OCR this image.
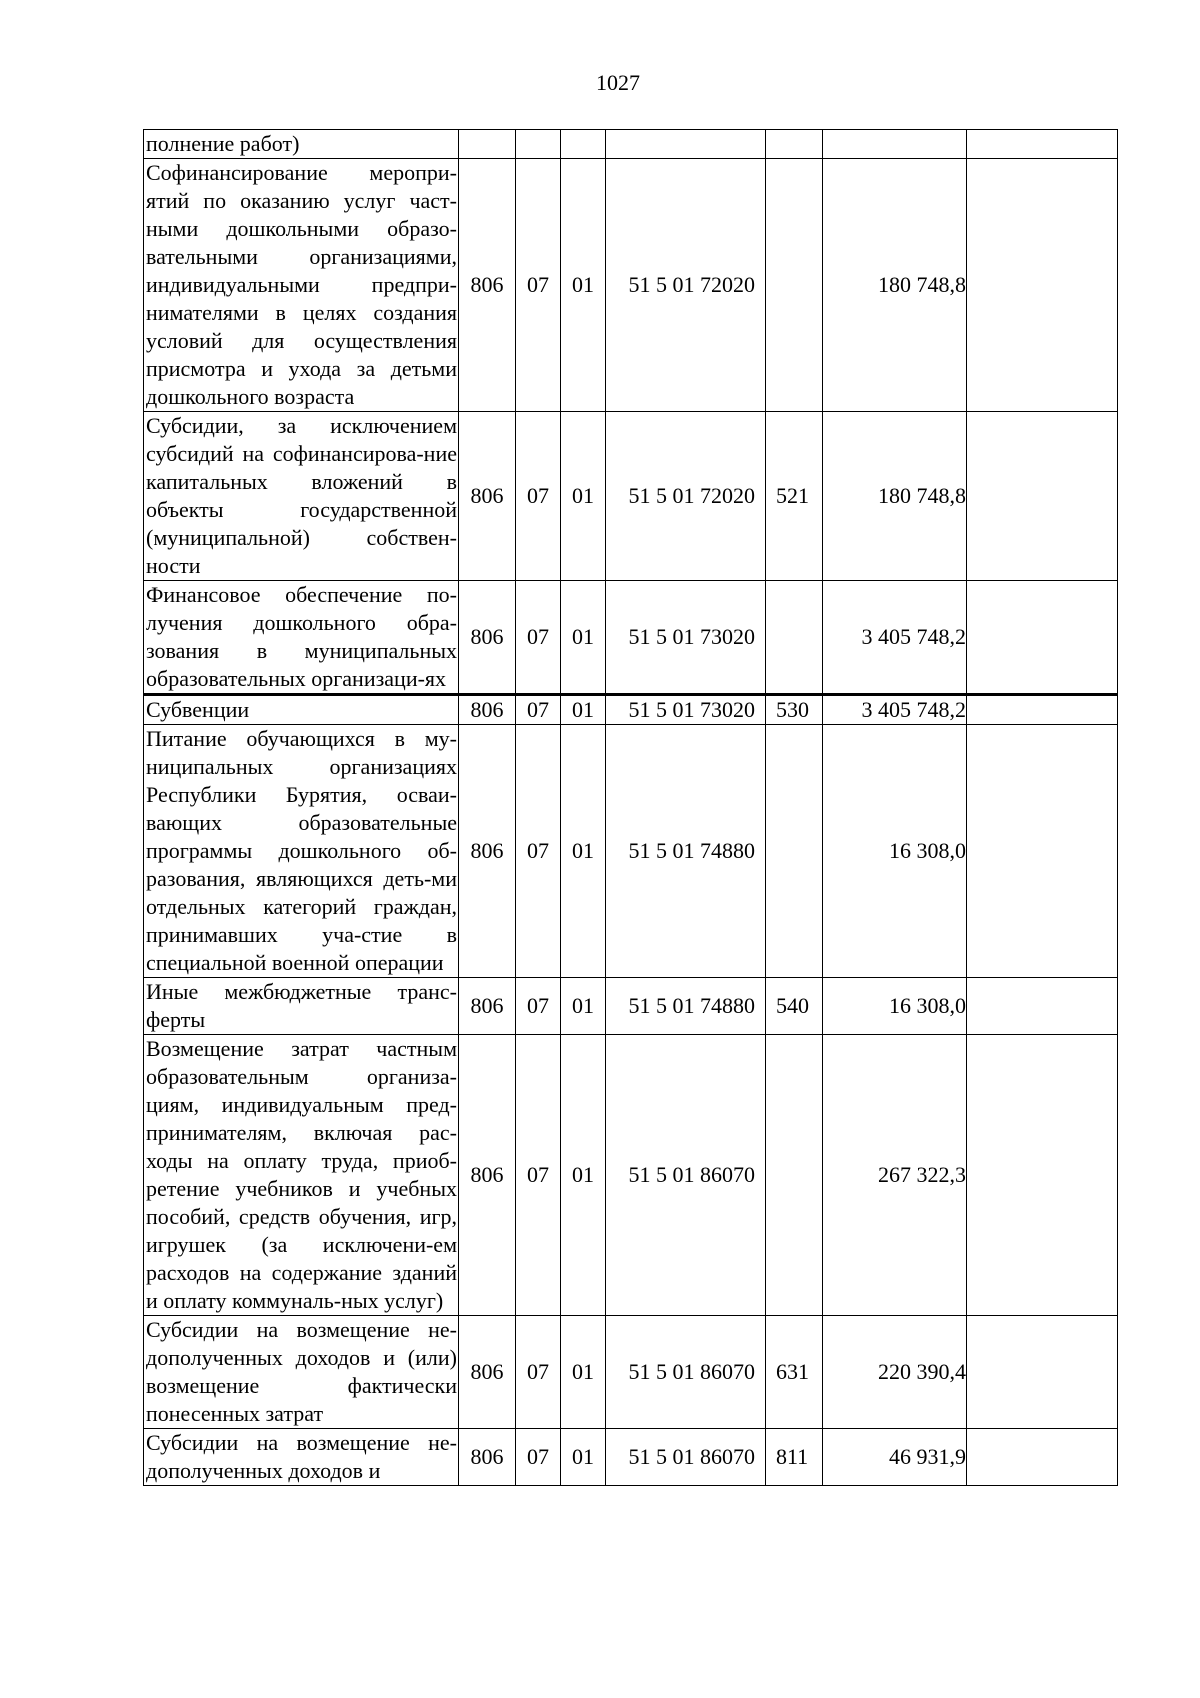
1027
полнение работ)							
Софинансирование меропри-ятий по оказанию услуг част-ными дошкольными образо-вательными организациями, индивидуальными предпри-нимателями в целях создания условий для осуществления присмотра и ухода за детьми дошкольного возраста	806	07	01	51 5 01 72020		180 748,8	
Субсидии, за исключением субсидий на софинансирова-ние капитальных вложений в объекты государственной (муниципальной) собствен-ности	806	07	01	51 5 01 72020	521	180 748,8	
Финансовое обеспечение по-лучения дошкольного обра-зования в муниципальных образовательных организаци-ях	806	07	01	51 5 01 73020		3 405 748,2	
Субвенции	806	07	01	51 5 01 73020	530	3 405 748,2	
Питание обучающихся в му-ниципальных организациях Республики Бурятия, осваи-вающих образовательные программы дошкольного об-разования, являющихся деть-ми отдельных категорий граждан, принимавших уча-стие в специальной военной операции	806	07	01	51 5 01 74880		16 308,0	
Иные межбюджетные транс-ферты	806	07	01	51 5 01 74880	540	16 308,0	
Возмещение затрат частным образовательным организа-циям, индивидуальным пред-принимателям, включая рас-ходы на оплату труда, приоб-ретение учебников и учебных пособий, средств обучения, игр, игрушек (за исключени-ем расходов на содержание зданий и оплату коммуналь-ных услуг)	806	07	01	51 5 01 86070		267 322,3	
Субсидии на возмещение не-дополученных доходов и (или) возмещение фактически понесенных затрат	806	07	01	51 5 01 86070	631	220 390,4	
Субсидии на возмещение не-дополученных доходов и	806	07	01	51 5 01 86070	811	46 931,9	
